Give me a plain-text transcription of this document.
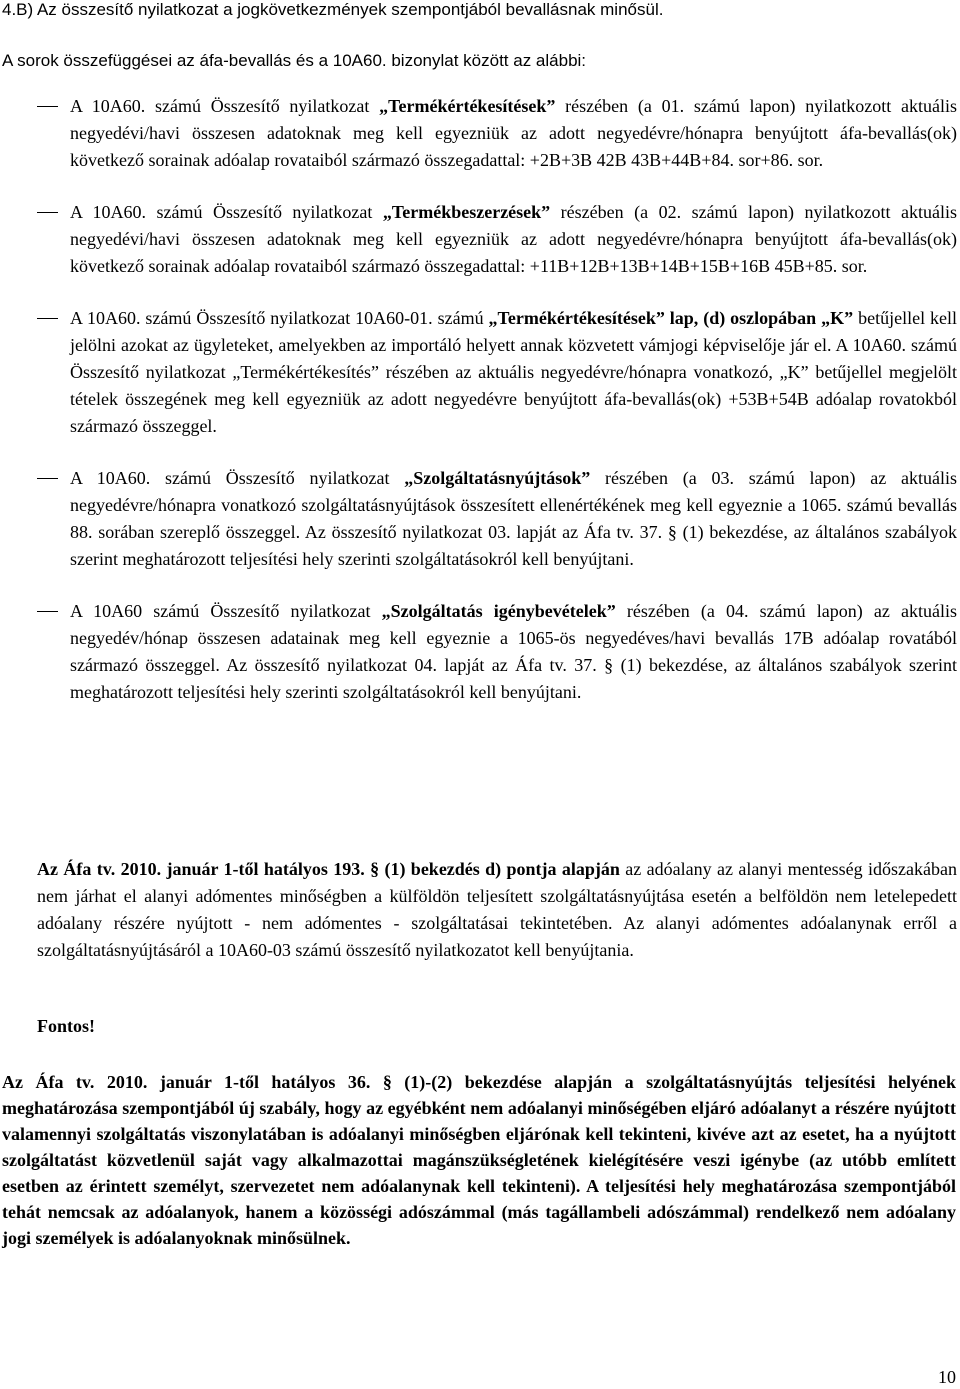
4.B) Az összesítő nyilatkozat a jogkövetkezmények szempontjából bevallásnak minősül.
A sorok összefüggései az áfa-bevallás és a 10A60. bizonylat között az alábbi:

A 10A60. számú Összesítő nyilatkozat „Termékértékesítések” részében (a 01. számú lapon) nyilatkozott aktuális negyedévi/havi összesen adatoknak meg kell egyezniük az adott negyedévre/hónapra benyújtott áfa-bevallás(ok) következő sorainak adóalap rovataiból származó összegadattal: +2B+3B 42B 43B+44B+84. sor+86. sor.

A 10A60. számú Összesítő nyilatkozat „Termékbeszerzések” részében (a 02. számú lapon) nyilatkozott aktuális negyedévi/havi összesen adatoknak meg kell egyezniük az adott negyedévre/hónapra benyújtott áfa-bevallás(ok) következő sorainak adóalap rovataiból származó összegadattal: +11B+12B+13B+14B+15B+16B 45B+85. sor.

A 10A60. számú Összesítő nyilatkozat 10A60-01. számú „Termékértékesítések” lap, (d) oszlopában „K” betűjellel kell jelölni azokat az ügyleteket, amelyekben az importáló helyett annak közvetett vámjogi képviselője jár el. A 10A60. számú Összesítő nyilatkozat „Termékértékesítés” részében az aktuális negyedévre/hónapra vonatkozó, „K” betűjellel megjelölt tételek összegének meg kell egyezniük az adott negyedévre benyújtott áfa-bevallás(ok) +53B+54B adóalap rovatokból származó összeggel.

A 10A60. számú Összesítő nyilatkozat „Szolgáltatásnyújtások” részében (a 03. számú lapon) az aktuális negyedévre/hónapra vonatkozó szolgáltatásnyújtások összesített ellenértékének meg kell egyeznie a 1065. számú bevallás 88. sorában szereplő összeggel. Az összesítő nyilatkozat 03. lapját az Áfa tv. 37. § (1) bekezdése, az általános szabályok szerint meghatározott teljesítési hely szerinti szolgáltatásokról kell benyújtani.

A 10A60 számú Összesítő nyilatkozat „Szolgáltatás igénybevételek” részében (a 04. számú lapon) az aktuális negyedév/hónap összesen adatainak meg kell egyeznie a 1065-ös negyedéves/havi bevallás 17B adóalap rovatából származó összeggel. Az összesítő nyilatkozat 04. lapját az Áfa tv. 37. § (1) bekezdése, az általános szabályok szerint meghatározott teljesítési hely szerinti szolgáltatásokról kell benyújtani.

Az Áfa tv. 2010. január 1-től hatályos 193. § (1) bekezdés d) pontja alapján az adóalany az alanyi mentesség időszakában nem járhat el alanyi adómentes minőségben a külföldön teljesített szolgáltatásnyújtása esetén a belföldön nem letelepedett adóalany részére nyújtott - nem adómentes - szolgáltatásai tekintetében. Az alanyi adómentes adóalanynak erről a szolgáltatásnyújtásáról a 10A60-03 számú összesítő nyilatkozatot kell benyújtania.

Fontos!

Az Áfa tv. 2010. január 1-től hatályos 36. § (1)-(2) bekezdése alapján a szolgáltatásnyújtás teljesítési helyének meghatározása szempontjából új szabály, hogy az egyébként nem adóalanyi minőségében eljáró adóalanyt a részére nyújtott valamennyi szolgáltatás viszonylatában is adóalanyi minőségben eljárónak kell tekinteni, kivéve azt az esetet, ha a nyújtott szolgáltatást közvetlenül saját vagy alkalmazottai magánszükségletének kielégítésére veszi igénybe (az utóbb említett esetben az érintett személyt, szervezetet nem adóalanynak kell tekinteni). A teljesítési hely meghatározása szempontjából tehát nemcsak az adóalanyok, hanem a közösségi adószámmal (más tagállambeli adószámmal) rendelkező nem adóalany jogi személyek is adóalanyoknak minősülnek.

10
